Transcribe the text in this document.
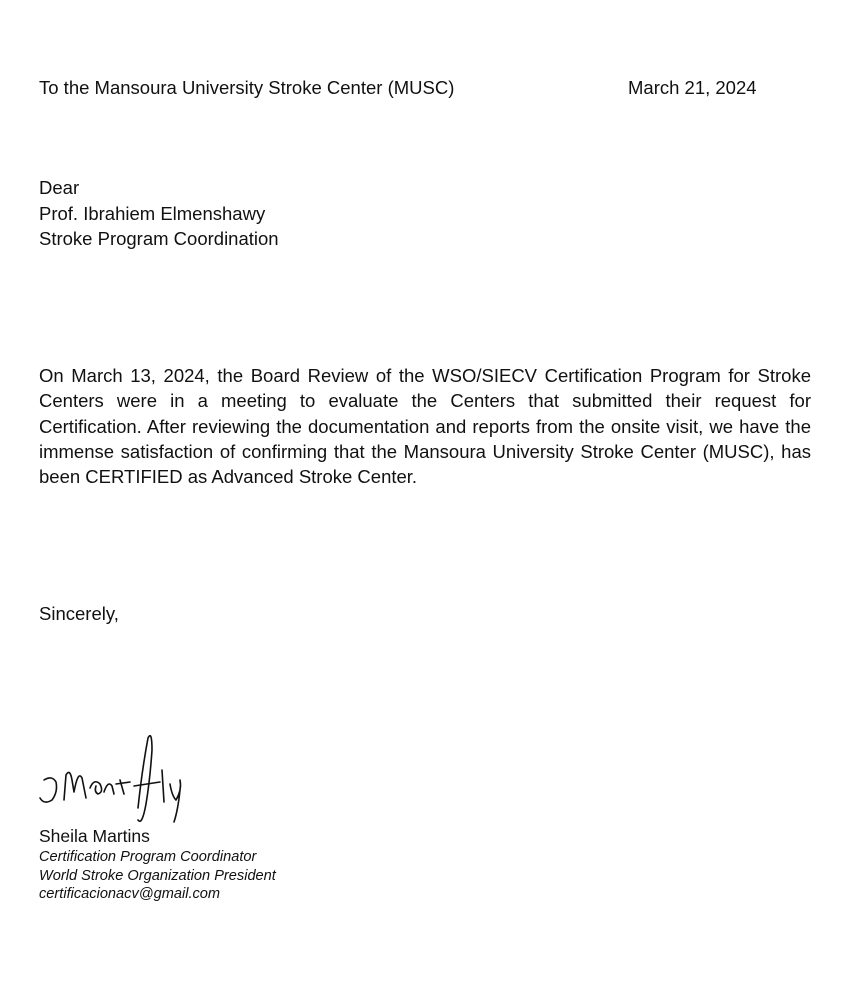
To the Mansoura University Stroke Center (MUSC)	March 21, 2024
Dear
Prof. Ibrahiem Elmenshawy
Stroke Program Coordination
On March 13, 2024, the Board Review of the WSO/SIECV Certification Program for Stroke Centers were in a meeting to evaluate the Centers that submitted their request for Certification. After reviewing the documentation and reports from the onsite visit, we have the immense satisfaction of confirming that the Mansoura University Stroke Center (MUSC), has been CERTIFIED as Advanced Stroke Center.
Sincerely,
Sheila Martins
Certification Program Coordinator
World Stroke Organization President
certificacionacv@gmail.com
